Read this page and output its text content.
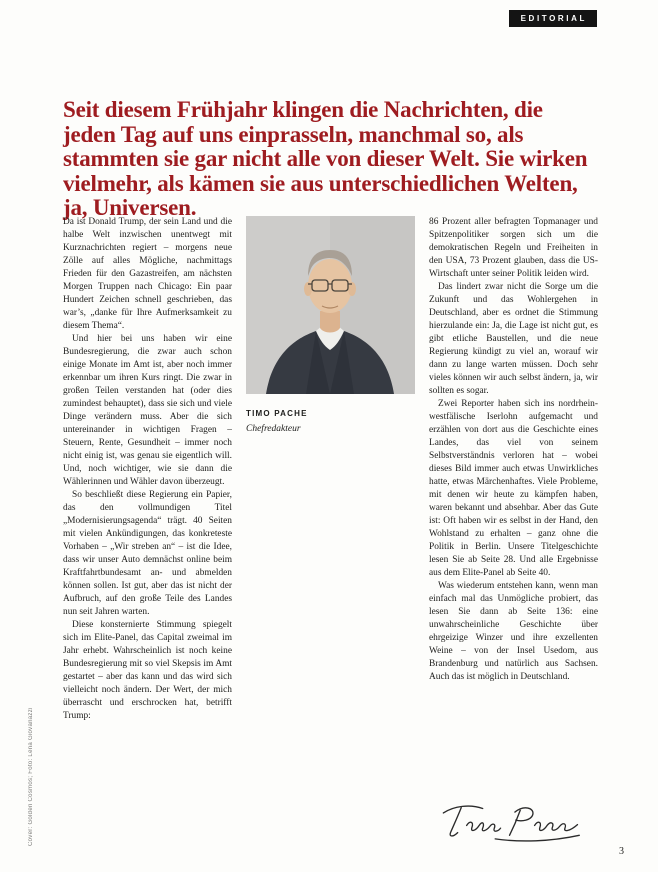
EDITORIAL
Seit diesem Frühjahr klingen die Nachrichten, die jeden Tag auf uns einprasseln, manchmal so, als stammten sie gar nicht alle von dieser Welt. Sie wirken vielmehr, als kämen sie aus unterschiedlichen Welten, ja, Universen.

Da ist Donald Trump, der sein Land und die halbe Welt inzwischen unentwegt mit Kurznachrichten regiert – morgens neue Zölle auf alles Mögliche, nachmittags Frieden für den Gazastreifen, am nächsten Morgen Truppen nach Chicago: Ein paar Hundert Zeichen schnell geschrieben, das war’s, „danke für Ihre Aufmerksamkeit zu diesem Thema“.

Und hier bei uns haben wir eine Bundesregierung, die zwar auch schon einige Monate im Amt ist, aber noch immer erkennbar um ihren Kurs ringt. Die zwar in großen Teilen verstanden hat (oder dies zumindest behauptet), dass sie sich und viele Dinge verändern muss. Aber die sich untereinander in wichtigen Fragen – Steuern, Rente, Gesundheit – immer noch nicht einig ist, was genau sie eigentlich will. Und, noch wichtiger, wie sie dann die Wählerinnen und Wähler davon überzeugt.

So beschließt diese Regierung ein Papier, das den vollmundigen Titel „Modernisierungsagenda“ trägt. 40 Seiten mit vielen Ankündigungen, das konkreteste Vorhaben – „Wir streben an“ – ist die Idee, dass wir unser Auto demnächst online beim Kraftfahrtbundesamt an- und abmelden können sollen. Ist gut, aber das ist nicht der Aufbruch, auf den große Teile des Landes nun seit Jahren warten.

Diese konsternierte Stimmung spiegelt sich im Elite-Panel, das Capital zweimal im Jahr erhebt. Wahrscheinlich ist noch keine Bundesregierung mit so viel Skepsis im Amt gestartet – aber das kann und das wird sich vielleicht noch ändern. Der Wert, der mich überrascht und erschrocken hat, betrifft Trump:

TIMO PACHE
Chefredakteur

86 Prozent aller befragten Topmanager und Spitzenpolitiker sorgen sich um die demokratischen Regeln und Freiheiten in den USA, 73 Prozent glauben, dass die US-Wirtschaft unter seiner Politik leiden wird.

Das lindert zwar nicht die Sorge um die Zukunft und das Wohlergehen in Deutschland, aber es ordnet die Stimmung hierzulande ein: Ja, die Lage ist nicht gut, es gibt etliche Baustellen, und die neue Regierung kündigt zu viel an, worauf wir dann zu lange warten müssen. Doch sehr vieles können wir auch selbst ändern, ja, wir sollten es sogar.

Zwei Reporter haben sich ins nordrhein-westfälische Iserlohn aufgemacht und erzählen von dort aus die Geschichte eines Landes, das viel von seinem Selbstverständnis verloren hat – wobei dieses Bild immer auch etwas Unwirkliches hatte, etwas Märchenhaftes. Viele Probleme, mit denen wir heute zu kämpfen haben, waren bekannt und absehbar. Aber das Gute ist: Oft haben wir es selbst in der Hand, den Wohlstand zu erhalten – ganz ohne die Politik in Berlin. Unsere Titelgeschichte lesen Sie ab Seite 28. Und alle Ergebnisse aus dem Elite-Panel ab Seite 40.

Was wiederum entstehen kann, wenn man einfach mal das Unmögliche probiert, das lesen Sie dann ab Seite 136: eine unwahrscheinliche Geschichte über ehrgeizige Winzer und ihre exzellenten Weine – von der Insel Usedom, aus Brandenburg und natürlich aus Sachsen. Auch das ist möglich in Deutschland.

Cover: Golden Cosmos; Foto: Lena Giovanazzi
3
